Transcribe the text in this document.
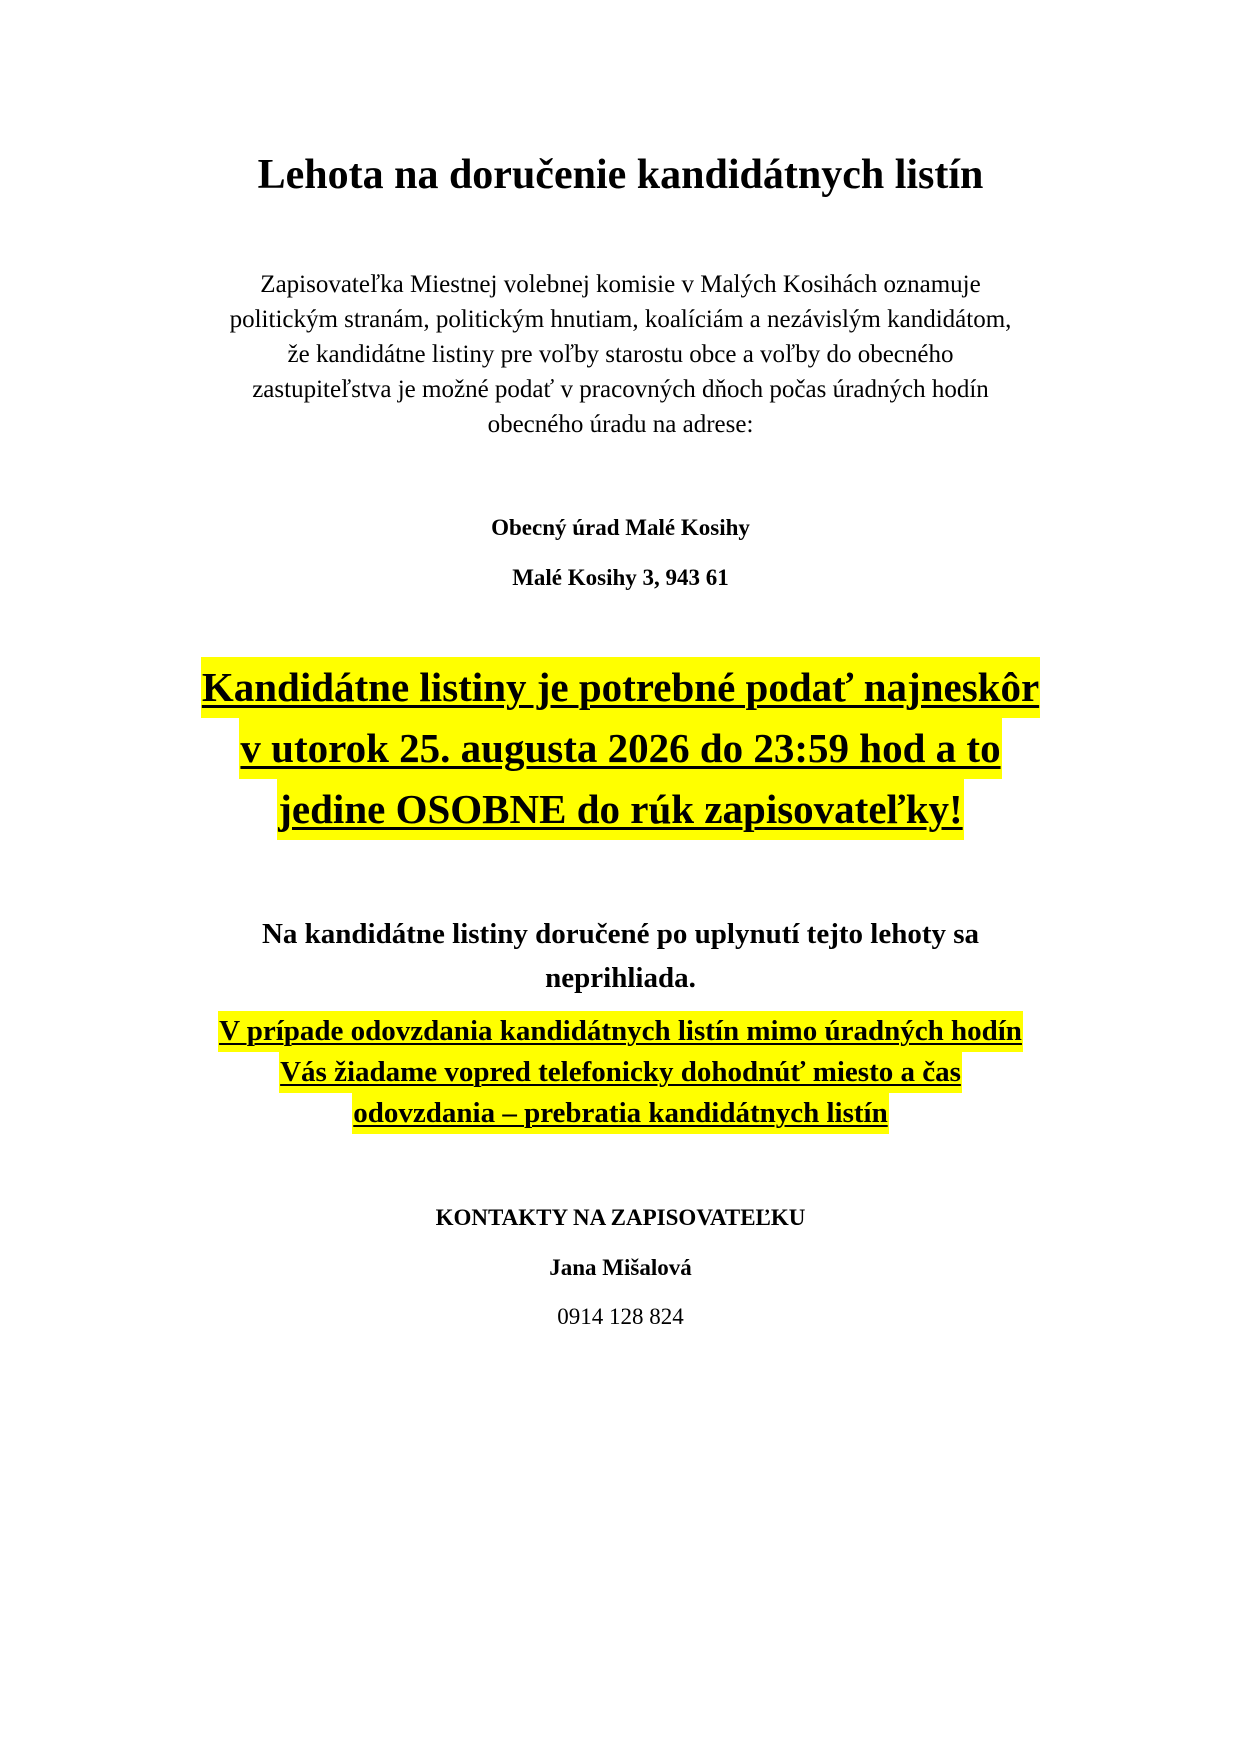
Lehota na doručenie kandidátnych listín
Zapisovateľka Miestnej volebnej komisie v Malých Kosihách oznamuje
politickým stranám, politickým hnutiam, koalíciám a nezávislým kandidátom,
že kandidátne listiny pre voľby starostu obce a voľby do obecného
zastupiteľstva je možné podať v pracovných dňoch počas úradných hodín
obecného úradu na adrese:
Obecný úrad Malé Kosihy
Malé Kosihy 3, 943 61
Kandidátne listiny je potrebné podať najneskôr
v utorok 25. augusta 2026 do 23:59 hod a to
jedine OSOBNE do rúk zapisovateľky!
Na kandidátne listiny doručené po uplynutí tejto lehoty sa
neprihliada.
V prípade odovzdania kandidátnych listín mimo úradných hodín
Vás žiadame vopred telefonicky dohodnúť miesto a čas
odovzdania – prebratia kandidátnych listín
KONTAKTY NA ZAPISOVATEĽKU
Jana Mišalová
0914 128 824
